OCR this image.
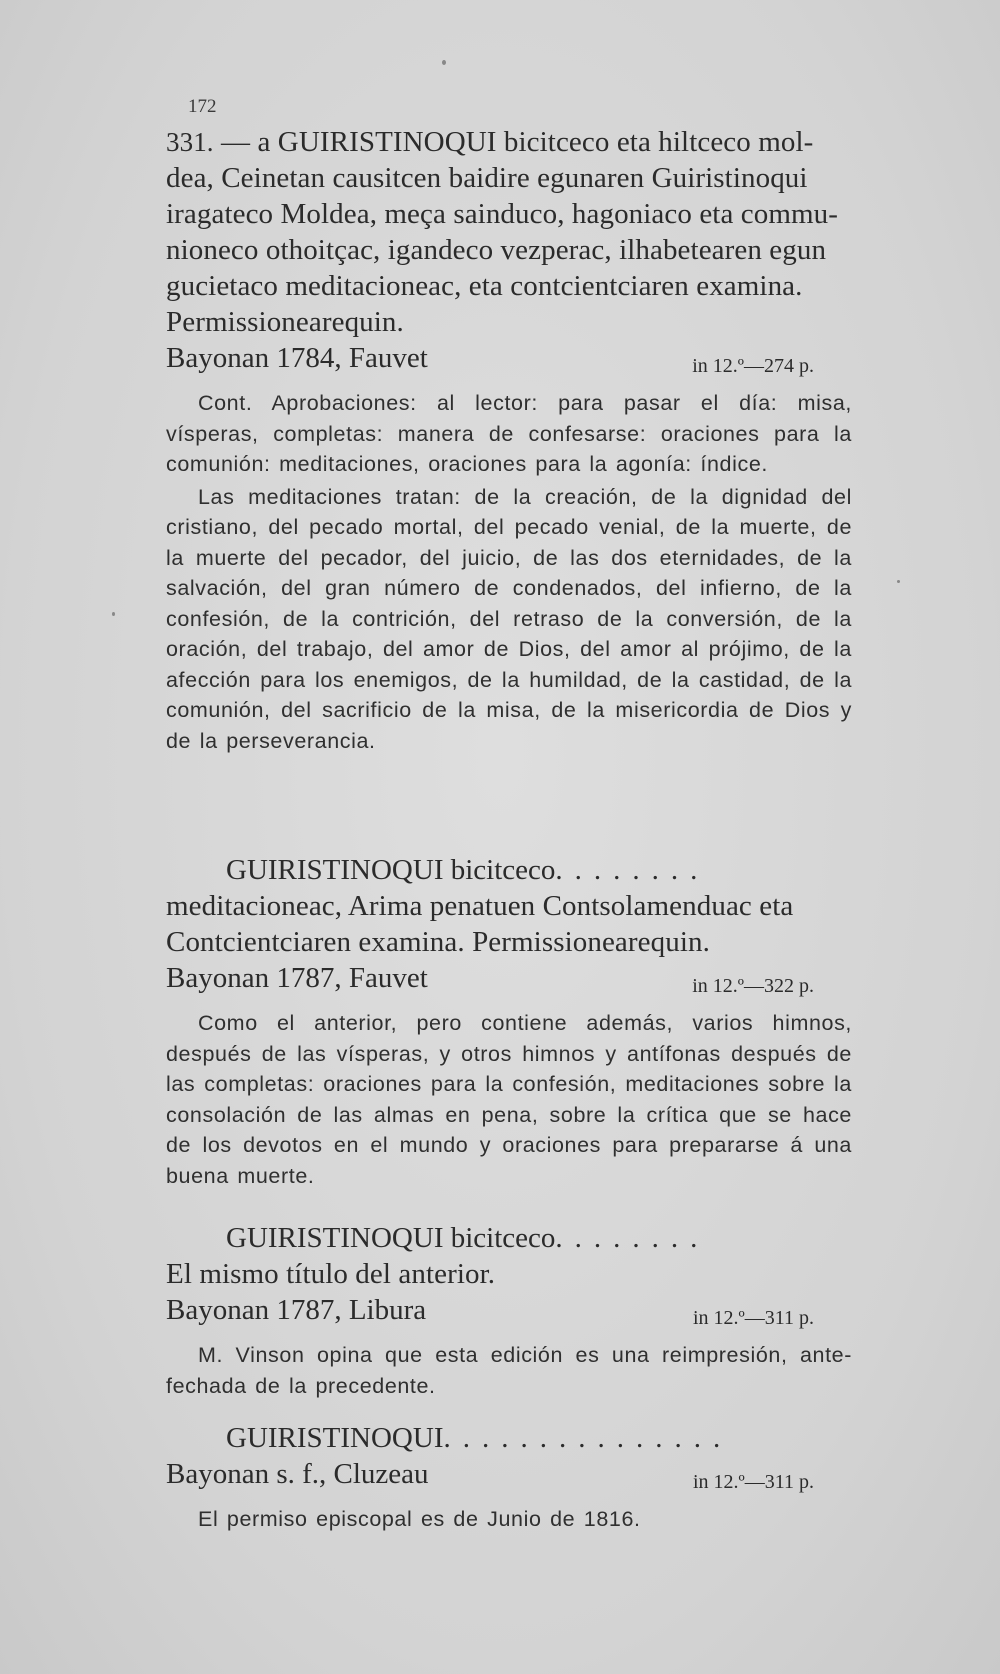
172

331. — a GUIRISTINOQUI bicitceco eta hiltceco mol-
dea, Ceinetan causitcen baidire egunaren Guiristinoqui
iragateco Moldea, meça sainduco, hagoniaco eta commu-
nioneco othoitçac, igandeco vezperac, ilhabetearen egun
gucietaco meditacioneac, eta contcientciaren examina.
Permissionearequin.

Bayonan 1784, Fauvet	in 12.º—274 p.

Cont. Aprobaciones: al lector: para pasar el día: misa, vísperas, completas: manera de confesarse: oraciones para la comunión: meditaciones, oraciones para la agonía: índice.

Las meditaciones tratan: de la creación, de la dignidad del cristiano, del pecado mortal, del pecado venial, de la muerte, de la muerte del pecador, del juicio, de las dos eternidades, de la salvación, del gran número de condenados, del infierno, de la confesión, de la contrición, del retraso de la conversión, de la oración, del trabajo, del amor de Dios, del amor al prójimo, de la afección para los enemigos, de la humildad, de la castidad, de la comunión, del sacrificio de la misa, de la misericordia de Dios y de la perseverancia.

GUIRISTINOQUI bicitceco........

meditacioneac, Arima penatuen Contsolamenduac eta
Contcientciaren examina. Permissionearequin.

Bayonan 1787, Fauvet	in 12.º—322 p.

Como el anterior, pero contiene además, varios himnos, después de las vísperas, y otros himnos y antífonas después de las completas: oraciones para la confesión, meditaciones sobre la consolación de las almas en pena, sobre la crítica que se hace de los devotos en el mundo y oraciones para prepararse á una buena muerte.

GUIRISTINOQUI bicitceco........

El mismo título del anterior.

Bayonan 1787, Libura	in 12.º—311 p.

M. Vinson opina que esta edición es una reimpresión, ante-fechada de la precedente.

GUIRISTINOQUI...............
Bayonan s. f., Cluzeau	in 12.º—311 p.

El permiso episcopal es de Junio de 1816.
